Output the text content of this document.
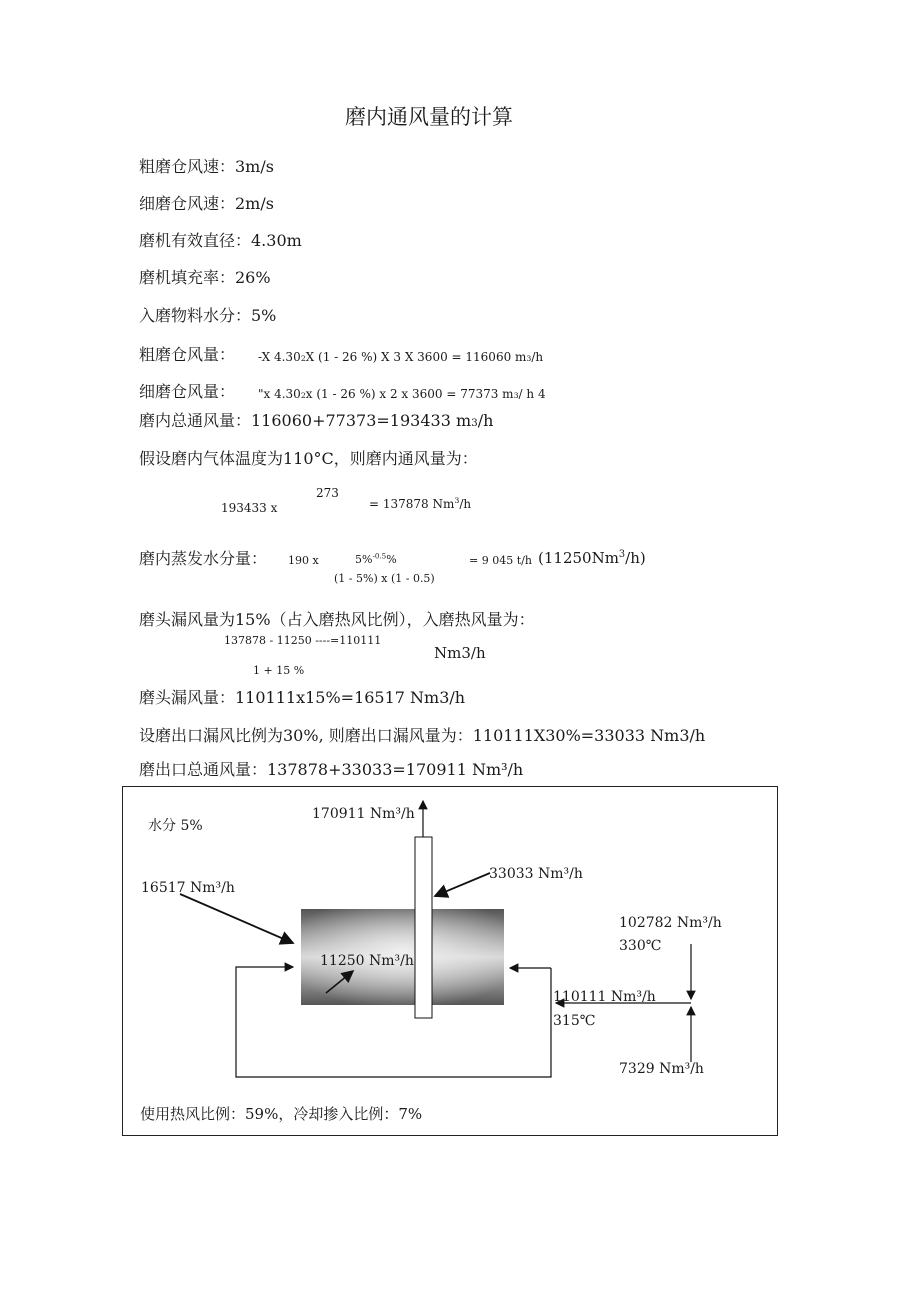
磨内通风量的计算
粗磨仓风速：3m/s
细磨仓风速：2m/s
磨机有效直径：4.30m
磨机填充率：26%
入磨物料水分：5%
粗磨仓风量： -X 4.302X (1 - 26 %) X 3 X 3600 = 116060 m3/h
细磨仓风量： "x 4.302x (1 - 26 %) x 2 x 3600 = 77373 m3/ h 4
磨内总通风量：116060+77373=193433 m3/h
假设磨内气体温度为110°C，则磨内通风量为：
273
193433 x	= 137878 Nm$^3$/h
磨内蒸发水分量： 190 x	5%$^{-0.5}$%
(1 - 5%) x (1 - 0.5)
= 9 045 t/h (11250Nm$^3$/h)
磨头漏风量为15%（占入磨热风比例），入磨热风量为：
137878 - 11250 ----=110111
Nm3/h
1 + 15 %
磨头漏风量：110111x15%=16517 Nm3/h
设磨出口漏风比例为30%, 则磨出口漏风量为：110111X30%=33033 Nm3/h
磨出口总通风量：137878+33033=170911 Nm³/h
水分 5%
170911 Nm³/h
33033 Nm³/h
16517 Nm³/h
11250 Nm³/h
102782 Nm³/h
330℃
110111 Nm³/h
315℃
7329 Nm³/h
使用热风比例：59%，冷却掺入比例：7%
